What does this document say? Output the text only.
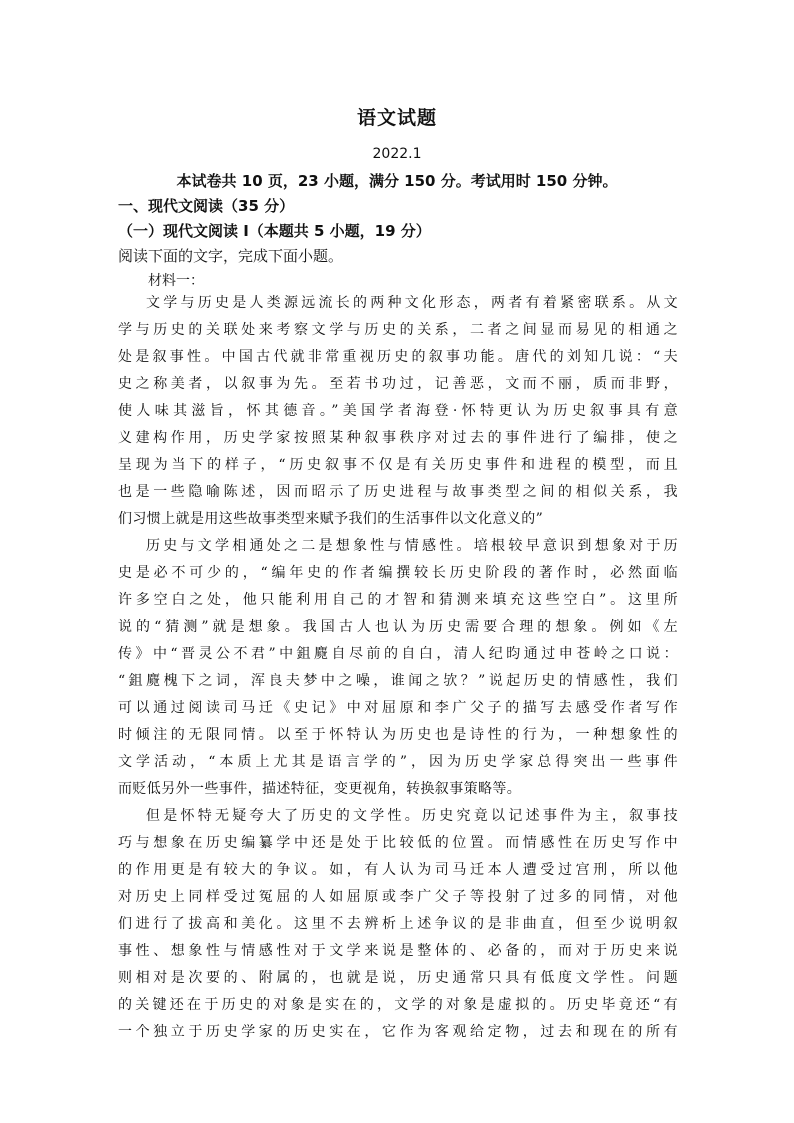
语文试题
2022.1
本试卷共 10 页，23 小题，满分 150 分。考试用时 150 分钟。
一、现代文阅读（35 分）
（一）现代文阅读 I（本题共 5 小题，19 分）
阅读下面的文字，完成下面小题。
材料一：
文学与历史是人类源远流长的两种文化形态，两者有着紧密联系。从文
学与历史的关联处来考察文学与历史的关系，二者之间显而易见的相通之
处是叙事性。中国古代就非常重视历史的叙事功能。唐代的刘知几说：“夫
史之称美者，以叙事为先。至若书功过，记善恶，文而不丽，质而非野，
使人味其滋旨，怀其德音。”美国学者海登·怀特更认为历史叙事具有意
义建构作用，历史学家按照某种叙事秩序对过去的事件进行了编排，使之
呈现为当下的样子，“历史叙事不仅是有关历史事件和进程的模型，而且
也是一些隐喻陈述，因而昭示了历史进程与故事类型之间的相似关系，我
们习惯上就是用这些故事类型来赋予我们的生活事件以文化意义的”
历史与文学相通处之二是想象性与情感性。培根较早意识到想象对于历
史是必不可少的，“编年史的作者编撰较长历史阶段的著作时，必然面临
许多空白之处，他只能利用自己的才智和猜测来填充这些空白”。这里所
说的“猜测”就是想象。我国古人也认为历史需要合理的想象。例如《左
传》中“晋灵公不君”中鉏麑自尽前的自白，清人纪昀通过申苍岭之口说：
“鉏麑槐下之词，浑良夫梦中之噪，谁闻之欤？”说起历史的情感性，我们
可以通过阅读司马迁《史记》中对屈原和李广父子的描写去感受作者写作
时倾注的无限同情。以至于怀特认为历史也是诗性的行为，一种想象性的
文学活动，“本质上尤其是语言学的”，因为历史学家总得突出一些事件
而贬低另外一些事件，描述特征，变更视角，转换叙事策略等。
但是怀特无疑夸大了历史的文学性。历史究竟以记述事件为主，叙事技
巧与想象在历史编纂学中还是处于比较低的位置。而情感性在历史写作中
的作用更是有较大的争议。如，有人认为司马迁本人遭受过宫刑，所以他
对历史上同样受过冤屈的人如屈原或李广父子等投射了过多的同情，对他
们进行了拔高和美化。这里不去辨析上述争议的是非曲直，但至少说明叙
事性、想象性与情感性对于文学来说是整体的、必备的，而对于历史来说
则相对是次要的、附属的，也就是说，历史通常只具有低度文学性。问题
的关键还在于历史的对象是实在的，文学的对象是虚拟的。历史毕竟还“有
一个独立于历史学家的历史实在，它作为客观给定物，过去和现在的所有
